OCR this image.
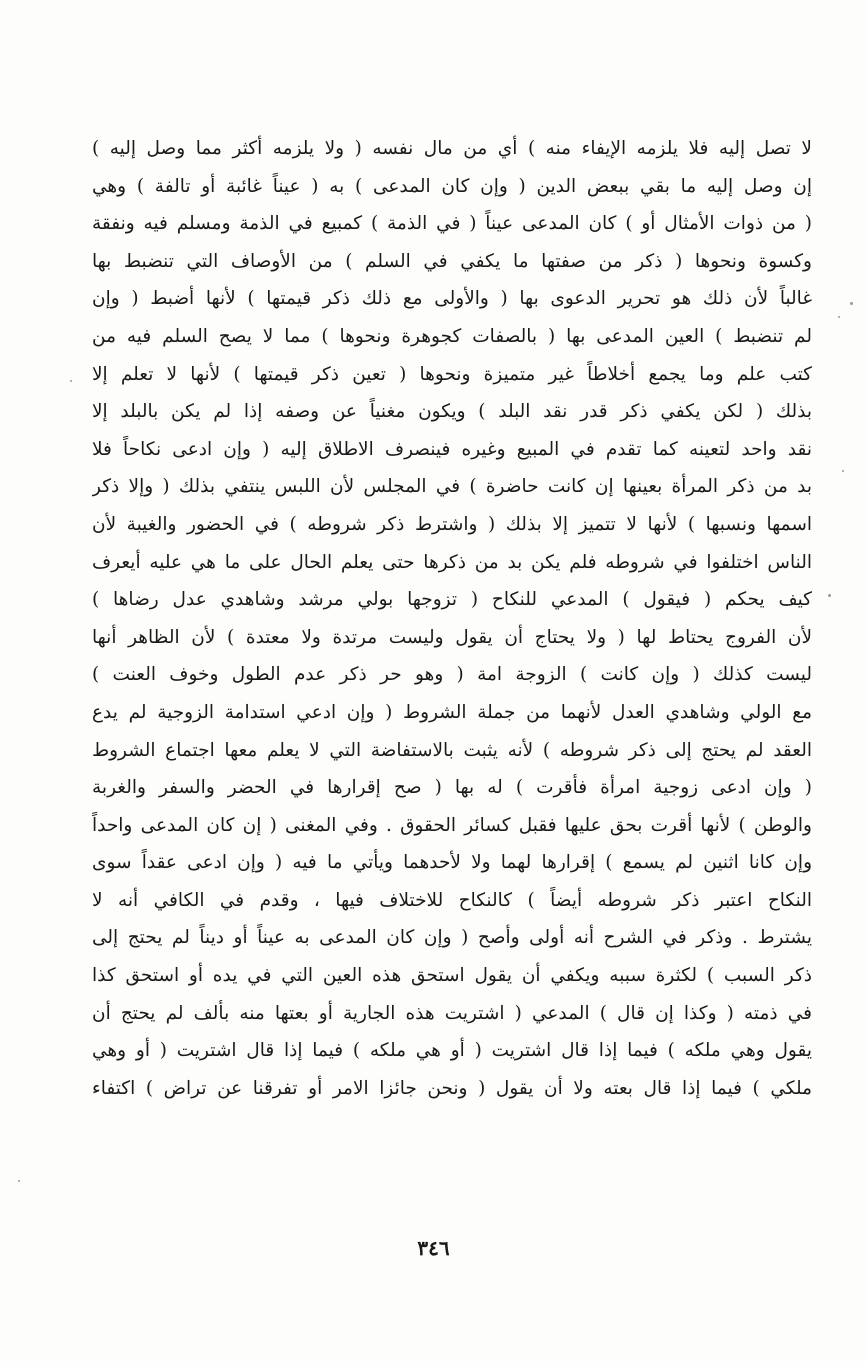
لا تصل إليه فلا يلزمه الإيفاء منه ) أي من مال نفسه ( ولا يلزمه أكثر مما وصل إليه )
إن وصل إليه ما بقي ببعض الدين ( وإن كان المدعى ) به ( عيناً غائبة أو تالفة ) وهي
( من ذوات الأمثال أو ) كان المدعى عيناً ( في الذمة ) كمبيع في الذمة ومسلم فيه ونفقة
وكسوة ونحوها ( ذكر من صفتها ما يكفي في السلم ) من الأوصاف التي تنضبط بها
غالباً لأن ذلك هو تحرير الدعوى بها ( والأولى مع ذلك ذكر قيمتها ) لأنها أضبط ( وإن
لم تنضبط ) العين المدعى بها ( بالصفات كجوهرة ونحوها ) مما لا يصح السلم فيه من
كتب علم وما يجمع أخلاطاً غير متميزة ونحوها ( تعين ذكر قيمتها ) لأنها لا تعلم إلا
بذلك ( لكن يكفي ذكر قدر نقد البلد ) ويكون مغنياً عن وصفه إذا لم يكن بالبلد إلا
نقد واحد لتعينه كما تقدم في المبيع وغيره فينصرف الاطلاق إليه ( وإن ادعى نكاحاً فلا
بد من ذكر المرأة بعينها إن كانت حاضرة ) في المجلس لأن اللبس ينتفي بذلك ( وإلا ذكر
اسمها ونسبها ) لأنها لا تتميز إلا بذلك ( واشترط ذكر شروطه ) في الحضور والغيبة لأن
الناس اختلفوا في شروطه فلم يكن بد من ذكرها حتى يعلم الحال على ما هي عليه أيعرف
كيف يحكم ( فيقول ) المدعي للنكاح ( تزوجها بولي مرشد وشاهدي عدل رضاها )
لأن الفروج يحتاط لها ( ولا يحتاج أن يقول وليست مرتدة ولا معتدة ) لأن الظاهر أنها
ليست كذلك ( وإن كانت ) الزوجة امة ( وهو حر ذكر عدم الطول وخوف العنت )
مع الولي وشاهدي العدل لأنهما من جملة الشروط ( وإن ادعي استدامة الزوجية لم يدع
العقد لم يحتج إلى ذكر شروطه ) لأنه يثبت بالاستفاضة التي لا يعلم معها اجتماع الشروط
( وإن ادعى زوجية امرأة فأقرت ) له بها ( صح إقرارها في الحضر والسفر والغربة
والوطن ) لأنها أقرت بحق عليها فقبل كسائر الحقوق . وفي المغنى ( إن كان المدعى واحداً
وإن كانا اثنين لم يسمع ) إقرارها لهما ولا لأحدهما ويأتي ما فيه ( وإن ادعى عقداً سوى
النكاح اعتبر ذكر شروطه أيضاً ) كالنكاح للاختلاف فيها ، وقدم في الكافي أنه لا
يشترط . وذكر في الشرح أنه أولى وأصح ( وإن كان المدعى به عيناً أو ديناً لم يحتج إلى
ذكر السبب ) لكثرة سببه ويكفي أن يقول استحق هذه العين التي في يده أو استحق كذا
في ذمته ( وكذا إن قال ) المدعي ( اشتريت هذه الجارية أو بعتها منه بألف لم يحتج أن
يقول وهي ملكه ) فيما إذا قال اشتريت ( أو هي ملكه ) فيما إذا قال اشتريت ( أو وهي
ملكي ) فيما إذا قال بعته ولا أن يقول ( ونحن جائزا الامر أو تفرقنا عن تراض ) اكتفاء
٣٤٦
